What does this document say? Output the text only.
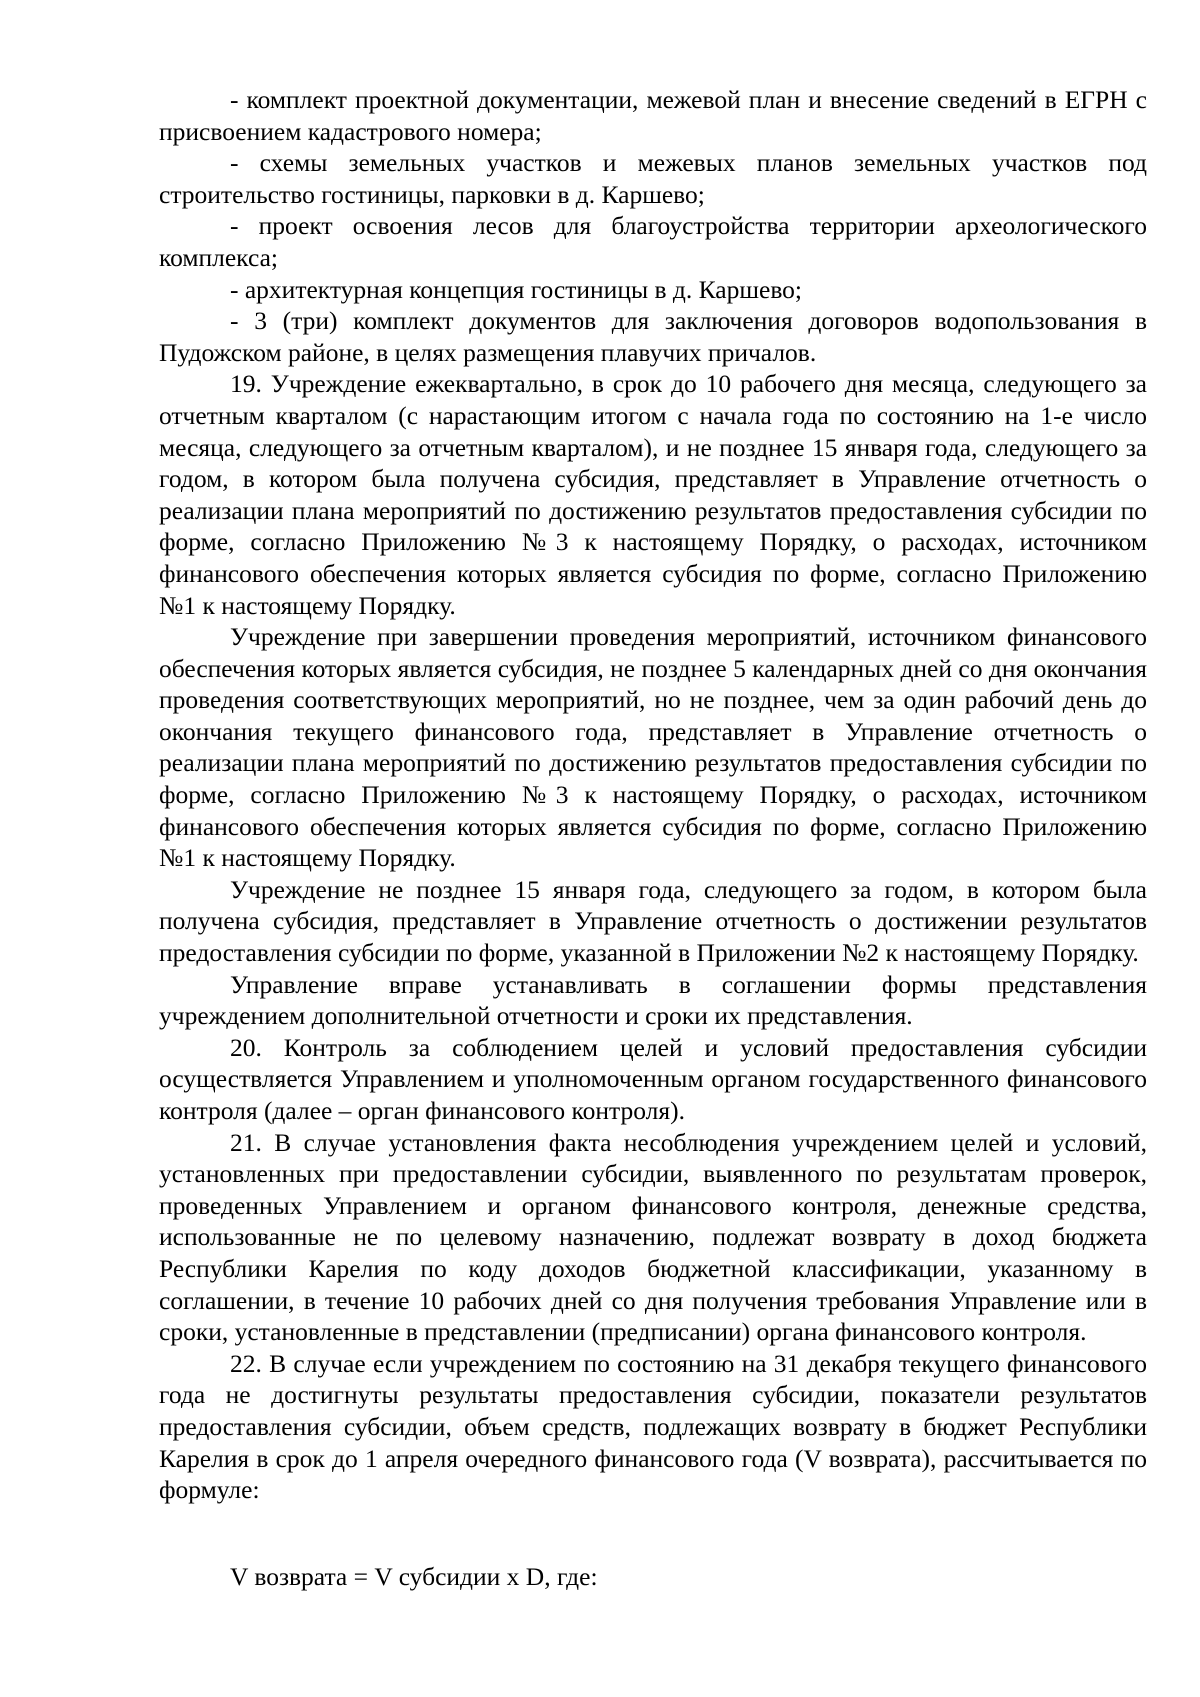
- комплект проектной документации, межевой план и внесение сведений в ЕГРН с присвоением кадастрового номера;

- схемы земельных участков и межевых планов земельных участков под строительство гостиницы, парковки в д. Каршево;

- проект освоения лесов для благоустройства территории археологического комплекса;

- архитектурная концепция гостиницы в д. Каршево;

- 3 (три) комплект документов для заключения договоров водопользования в Пудожском районе, в целях размещения плавучих причалов.

19. Учреждение ежеквартально, в срок до 10 рабочего дня месяца, следующего за отчетным кварталом (с нарастающим итогом с начала года по состоянию на 1-е число месяца, следующего за отчетным кварталом), и не позднее 15 января года, следующего за годом, в котором была получена субсидия, представляет в Управление отчетность о реализации плана мероприятий по достижению результатов предоставления субсидии по форме, согласно Приложению №3 к настоящему Порядку, о расходах, источником финансового обеспечения которых является субсидия по форме, согласно Приложению №1 к настоящему Порядку.

Учреждение при завершении проведения мероприятий, источником финансового обеспечения которых является субсидия, не позднее 5 календарных дней со дня окончания проведения соответствующих мероприятий, но не позднее, чем за один рабочий день до окончания текущего финансового года, представляет в Управление отчетность о реализации плана мероприятий по достижению результатов предоставления субсидии по форме, согласно Приложению №3 к настоящему Порядку, о расходах, источником финансового обеспечения которых является субсидия по форме, согласно Приложению №1 к настоящему Порядку.

Учреждение не позднее 15 января года, следующего за годом, в котором была получена субсидия, представляет в Управление отчетность о достижении результатов предоставления субсидии по форме, указанной в Приложении №2 к настоящему Порядку.

Управление вправе устанавливать в соглашении формы представления учреждением дополнительной отчетности и сроки их представления.

20. Контроль за соблюдением целей и условий предоставления субсидии осуществляется Управлением и уполномоченным органом государственного финансового контроля (далее – орган финансового контроля).

21. В случае установления факта несоблюдения учреждением целей и условий, установленных при предоставлении субсидии, выявленного по результатам проверок, проведенных Управлением и органом финансового контроля, денежные средства, использованные не по целевому назначению, подлежат возврату в доход бюджета Республики Карелия по коду доходов бюджетной классификации, указанному в соглашении, в течение 10 рабочих дней со дня получения требования Управление или в сроки, установленные в представлении (предписании) органа финансового контроля.

22. В случае если учреждением по состоянию на 31 декабря текущего финансового года не достигнуты результаты предоставления субсидии, показатели результатов предоставления субсидии, объем средств, подлежащих возврату в бюджет Республики Карелия в срок до 1 апреля очередного финансового года (V возврата), рассчитывается по формуле:

V возврата = V субсидии x D, где:
